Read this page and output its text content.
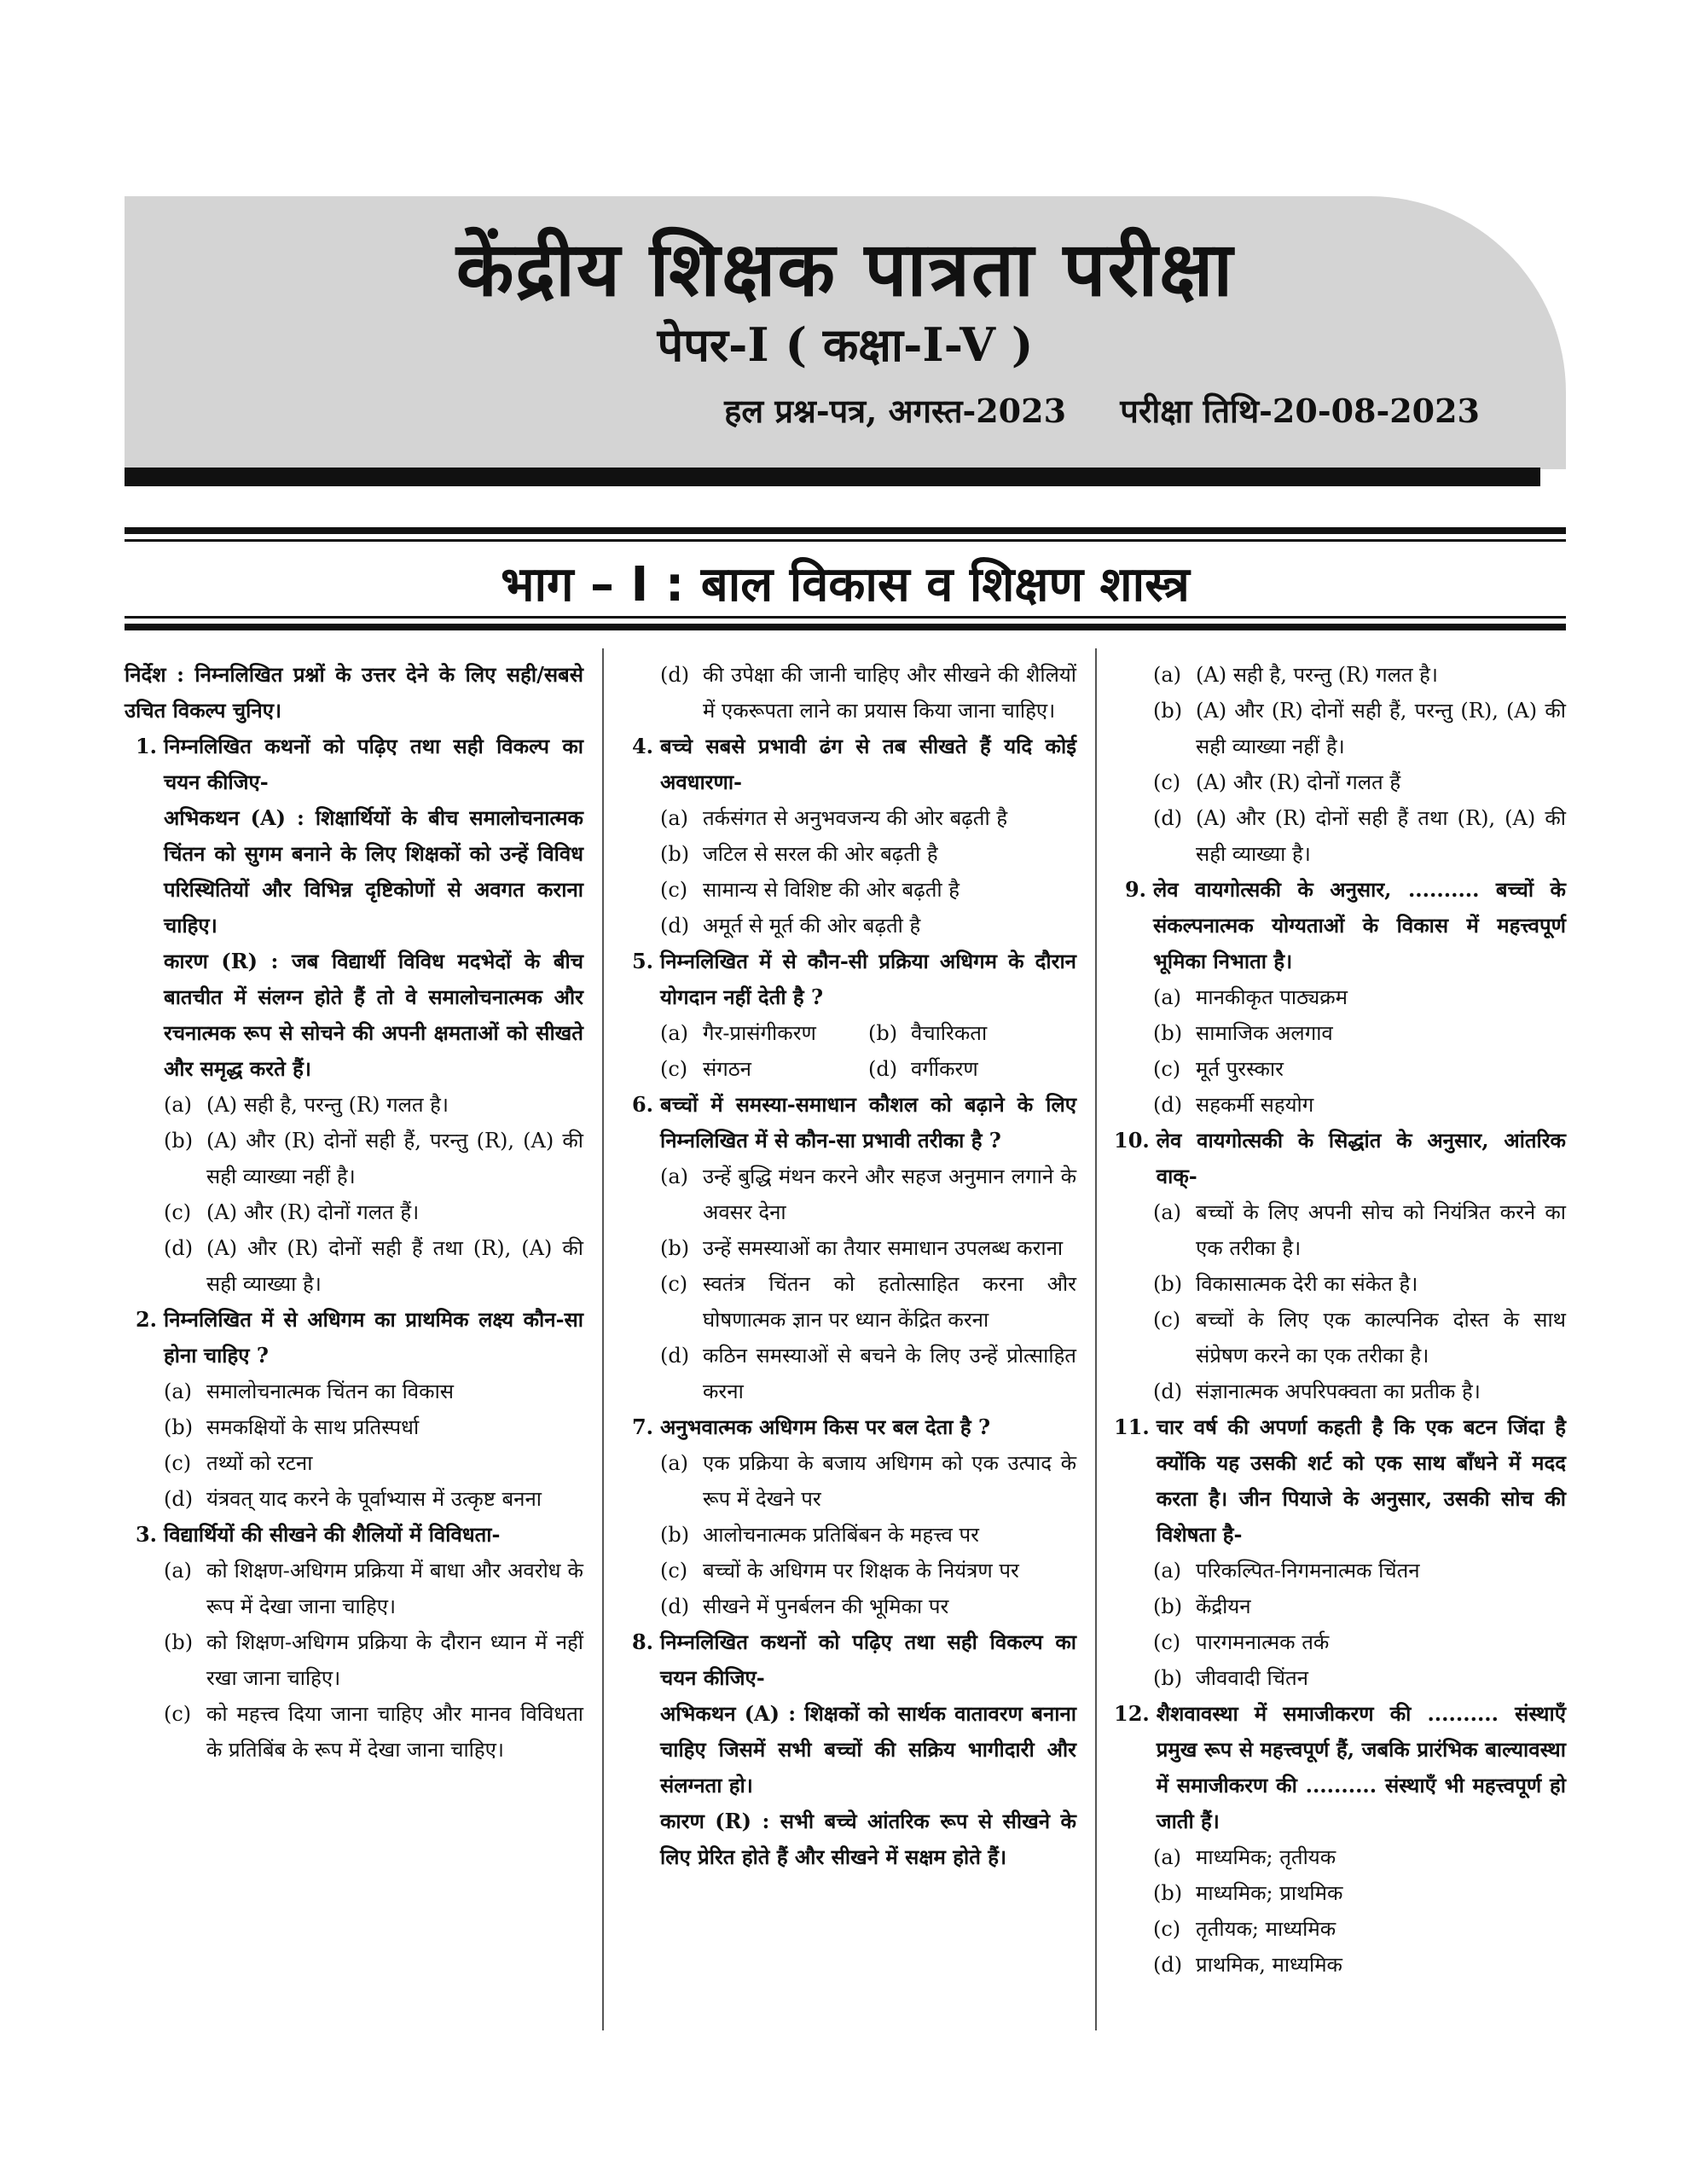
केंद्रीय शिक्षक पात्रता परीक्षा
पेपर-I ( कक्षा-I-V )
हल प्रश्न-पत्र, अगस्त-2023 परीक्षा तिथि-20-08-2023
भाग – I : बाल विकास व शिक्षण शास्त्र
निर्देश : निम्नलिखित प्रश्नों के उत्तर देने के लिए सही/सबसे उचित विकल्प चुनिए।
1. निम्नलिखित कथनों को पढ़िए तथा सही विकल्प का चयन कीजिए-
अभिकथन (A) : शिक्षार्थियों के बीच समालोचनात्मक चिंतन को सुगम बनाने के लिए शिक्षकों को उन्हें विविध परिस्थितियों और विभिन्न दृष्टिकोणों से अवगत कराना चाहिए।
कारण (R) : जब विद्यार्थी विविध मदभेदों के बीच बातचीत में संलग्न होते हैं तो वे समालोचनात्मक और रचनात्मक रूप से सोचने की अपनी क्षमताओं को सीखते और समृद्ध करते हैं।
(a) (A) सही है, परन्तु (R) गलत है।
(b) (A) और (R) दोनों सही हैं, परन्तु (R), (A) की सही व्याख्या नहीं है।
(c) (A) और (R) दोनों गलत हैं।
(d) (A) और (R) दोनों सही हैं तथा (R), (A) की सही व्याख्या है।
2. निम्नलिखित में से अधिगम का प्राथमिक लक्ष्य कौन-सा होना चाहिए ?
(a) समालोचनात्मक चिंतन का विकास
(b) समकक्षियों के साथ प्रतिस्पर्धा
(c) तथ्यों को रटना
(d) यंत्रवत् याद करने के पूर्वाभ्यास में उत्कृष्ट बनना
3. विद्यार्थियों की सीखने की शैलियों में विविधता-
(a) को शिक्षण-अधिगम प्रक्रिया में बाधा और अवरोध के रूप में देखा जाना चाहिए।
(b) को शिक्षण-अधिगम प्रक्रिया के दौरान ध्यान में नहीं रखा जाना चाहिए।
(c) को महत्त्व दिया जाना चाहिए और मानव विविधता के प्रतिबिंब के रूप में देखा जाना चाहिए।
(d) की उपेक्षा की जानी चाहिए और सीखने की शैलियों में एकरूपता लाने का प्रयास किया जाना चाहिए।
4. बच्चे सबसे प्रभावी ढंग से तब सीखते हैं यदि कोई अवधारणा-
(a) तर्कसंगत से अनुभवजन्य की ओर बढ़ती है
(b) जटिल से सरल की ओर बढ़ती है
(c) सामान्य से विशिष्ट की ओर बढ़ती है
(d) अमूर्त से मूर्त की ओर बढ़ती है
5. निम्नलिखित में से कौन-सी प्रक्रिया अधिगम के दौरान योगदान नहीं देती है ?
(a) गैर-प्रासंगीकरण	(b) वैचारिकता
(c) संगठन	(d) वर्गीकरण
6. बच्चों में समस्या-समाधान कौशल को बढ़ाने के लिए निम्नलिखित में से कौन-सा प्रभावी तरीका है ?
(a) उन्हें बुद्धि मंथन करने और सहज अनुमान लगाने के अवसर देना
(b) उन्हें समस्याओं का तैयार समाधान उपलब्ध कराना
(c) स्वतंत्र चिंतन को हतोत्साहित करना और घोषणात्मक ज्ञान पर ध्यान केंद्रित करना
(d) कठिन समस्याओं से बचने के लिए उन्हें प्रोत्साहित करना
7. अनुभवात्मक अधिगम किस पर बल देता है ?
(a) एक प्रक्रिया के बजाय अधिगम को एक उत्पाद के रूप में देखने पर
(b) आलोचनात्मक प्रतिबिंबन के महत्त्व पर
(c) बच्चों के अधिगम पर शिक्षक के नियंत्रण पर
(d) सीखने में पुनर्बलन की भूमिका पर
8. निम्नलिखित कथनों को पढ़िए तथा सही विकल्प का चयन कीजिए-
अभिकथन (A) : शिक्षकों को सार्थक वातावरण बनाना चाहिए जिसमें सभी बच्चों की सक्रिय भागीदारी और संलग्नता हो।
कारण (R) : सभी बच्चे आंतरिक रूप से सीखने के लिए प्रेरित होते हैं और सीखने में सक्षम होते हैं।
(a) (A) सही है, परन्तु (R) गलत है।
(b) (A) और (R) दोनों सही हैं, परन्तु (R), (A) की सही व्याख्या नहीं है।
(c) (A) और (R) दोनों गलत हैं
(d) (A) और (R) दोनों सही हैं तथा (R), (A) की सही व्याख्या है।
9. लेव वायगोत्सकी के अनुसार, .......... बच्चों के संकल्पनात्मक योग्यताओं के विकास में महत्त्वपूर्ण भूमिका निभाता है।
(a) मानकीकृत पाठ्यक्रम
(b) सामाजिक अलगाव
(c) मूर्त पुरस्कार
(d) सहकर्मी सहयोग
10. लेव वायगोत्सकी के सिद्धांत के अनुसार, आंतरिक वाक्-
(a) बच्चों के लिए अपनी सोच को नियंत्रित करने का एक तरीका है।
(b) विकासात्मक देरी का संकेत है।
(c) बच्चों के लिए एक काल्पनिक दोस्त के साथ संप्रेषण करने का एक तरीका है।
(d) संज्ञानात्मक अपरिपक्वता का प्रतीक है।
11. चार वर्ष की अपर्णा कहती है कि एक बटन जिंदा है क्योंकि यह उसकी शर्ट को एक साथ बाँधने में मदद करता है। जीन पियाजे के अनुसार, उसकी सोच की विशेषता है-
(a) परिकल्पित-निगमनात्मक चिंतन
(b) केंद्रीयन
(c) पारगमनात्मक तर्क
(b) जीववादी चिंतन
12. शैशवावस्था में समाजीकरण की .......... संस्थाएँ प्रमुख रूप से महत्त्वपूर्ण हैं, जबकि प्रारंभिक बाल्यावस्था में समाजीकरण की .......... संस्थाएँ भी महत्त्वपूर्ण हो जाती हैं।
(a) माध्यमिक; तृतीयक
(b) माध्यमिक; प्राथमिक
(c) तृतीयक; माध्यमिक
(d) प्राथमिक, माध्यमिक
